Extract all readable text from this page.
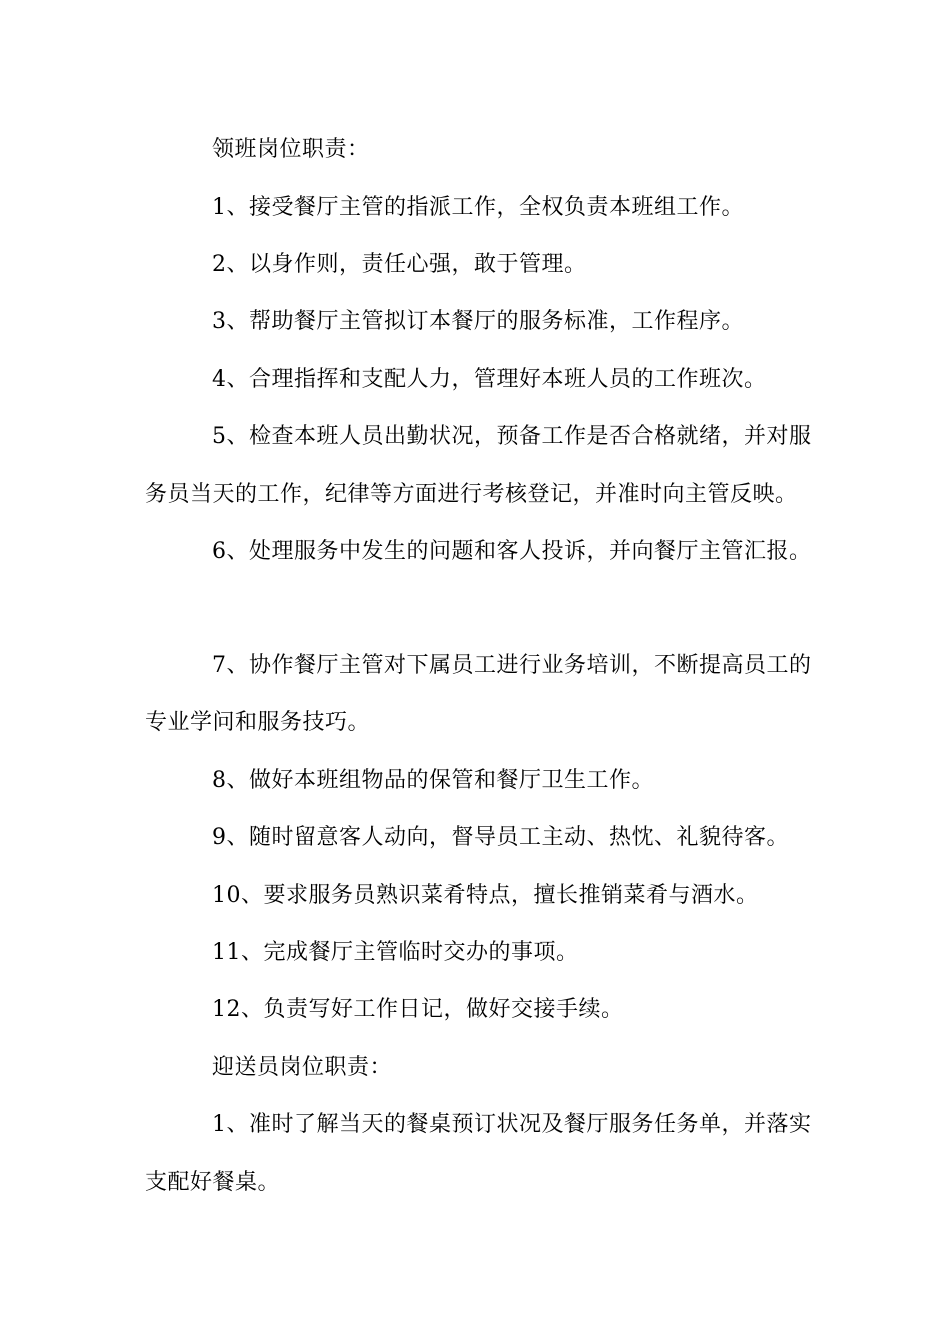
领班岗位职责：
1、接受餐厅主管的指派工作，全权负责本班组工作。
2、以身作则，责任心强，敢于管理。
3、帮助餐厅主管拟订本餐厅的服务标准，工作程序。
4、合理指挥和支配人力，管理好本班人员的工作班次。
5、检查本班人员出勤状况，预备工作是否合格就绪，并对服
务员当天的工作，纪律等方面进行考核登记，并准时向主管反映。
6、处理服务中发生的问题和客人投诉，并向餐厅主管汇报。
7、协作餐厅主管对下属员工进行业务培训，不断提高员工的
专业学问和服务技巧。
8、做好本班组物品的保管和餐厅卫生工作。
9、随时留意客人动向，督导员工主动、热忱、礼貌待客。
10、要求服务员熟识菜肴特点，擅长推销菜肴与酒水。
11、完成餐厅主管临时交办的事项。
12、负责写好工作日记，做好交接手续。
迎送员岗位职责：
1、准时了解当天的餐桌预订状况及餐厅服务任务单，并落实
支配好餐桌。
